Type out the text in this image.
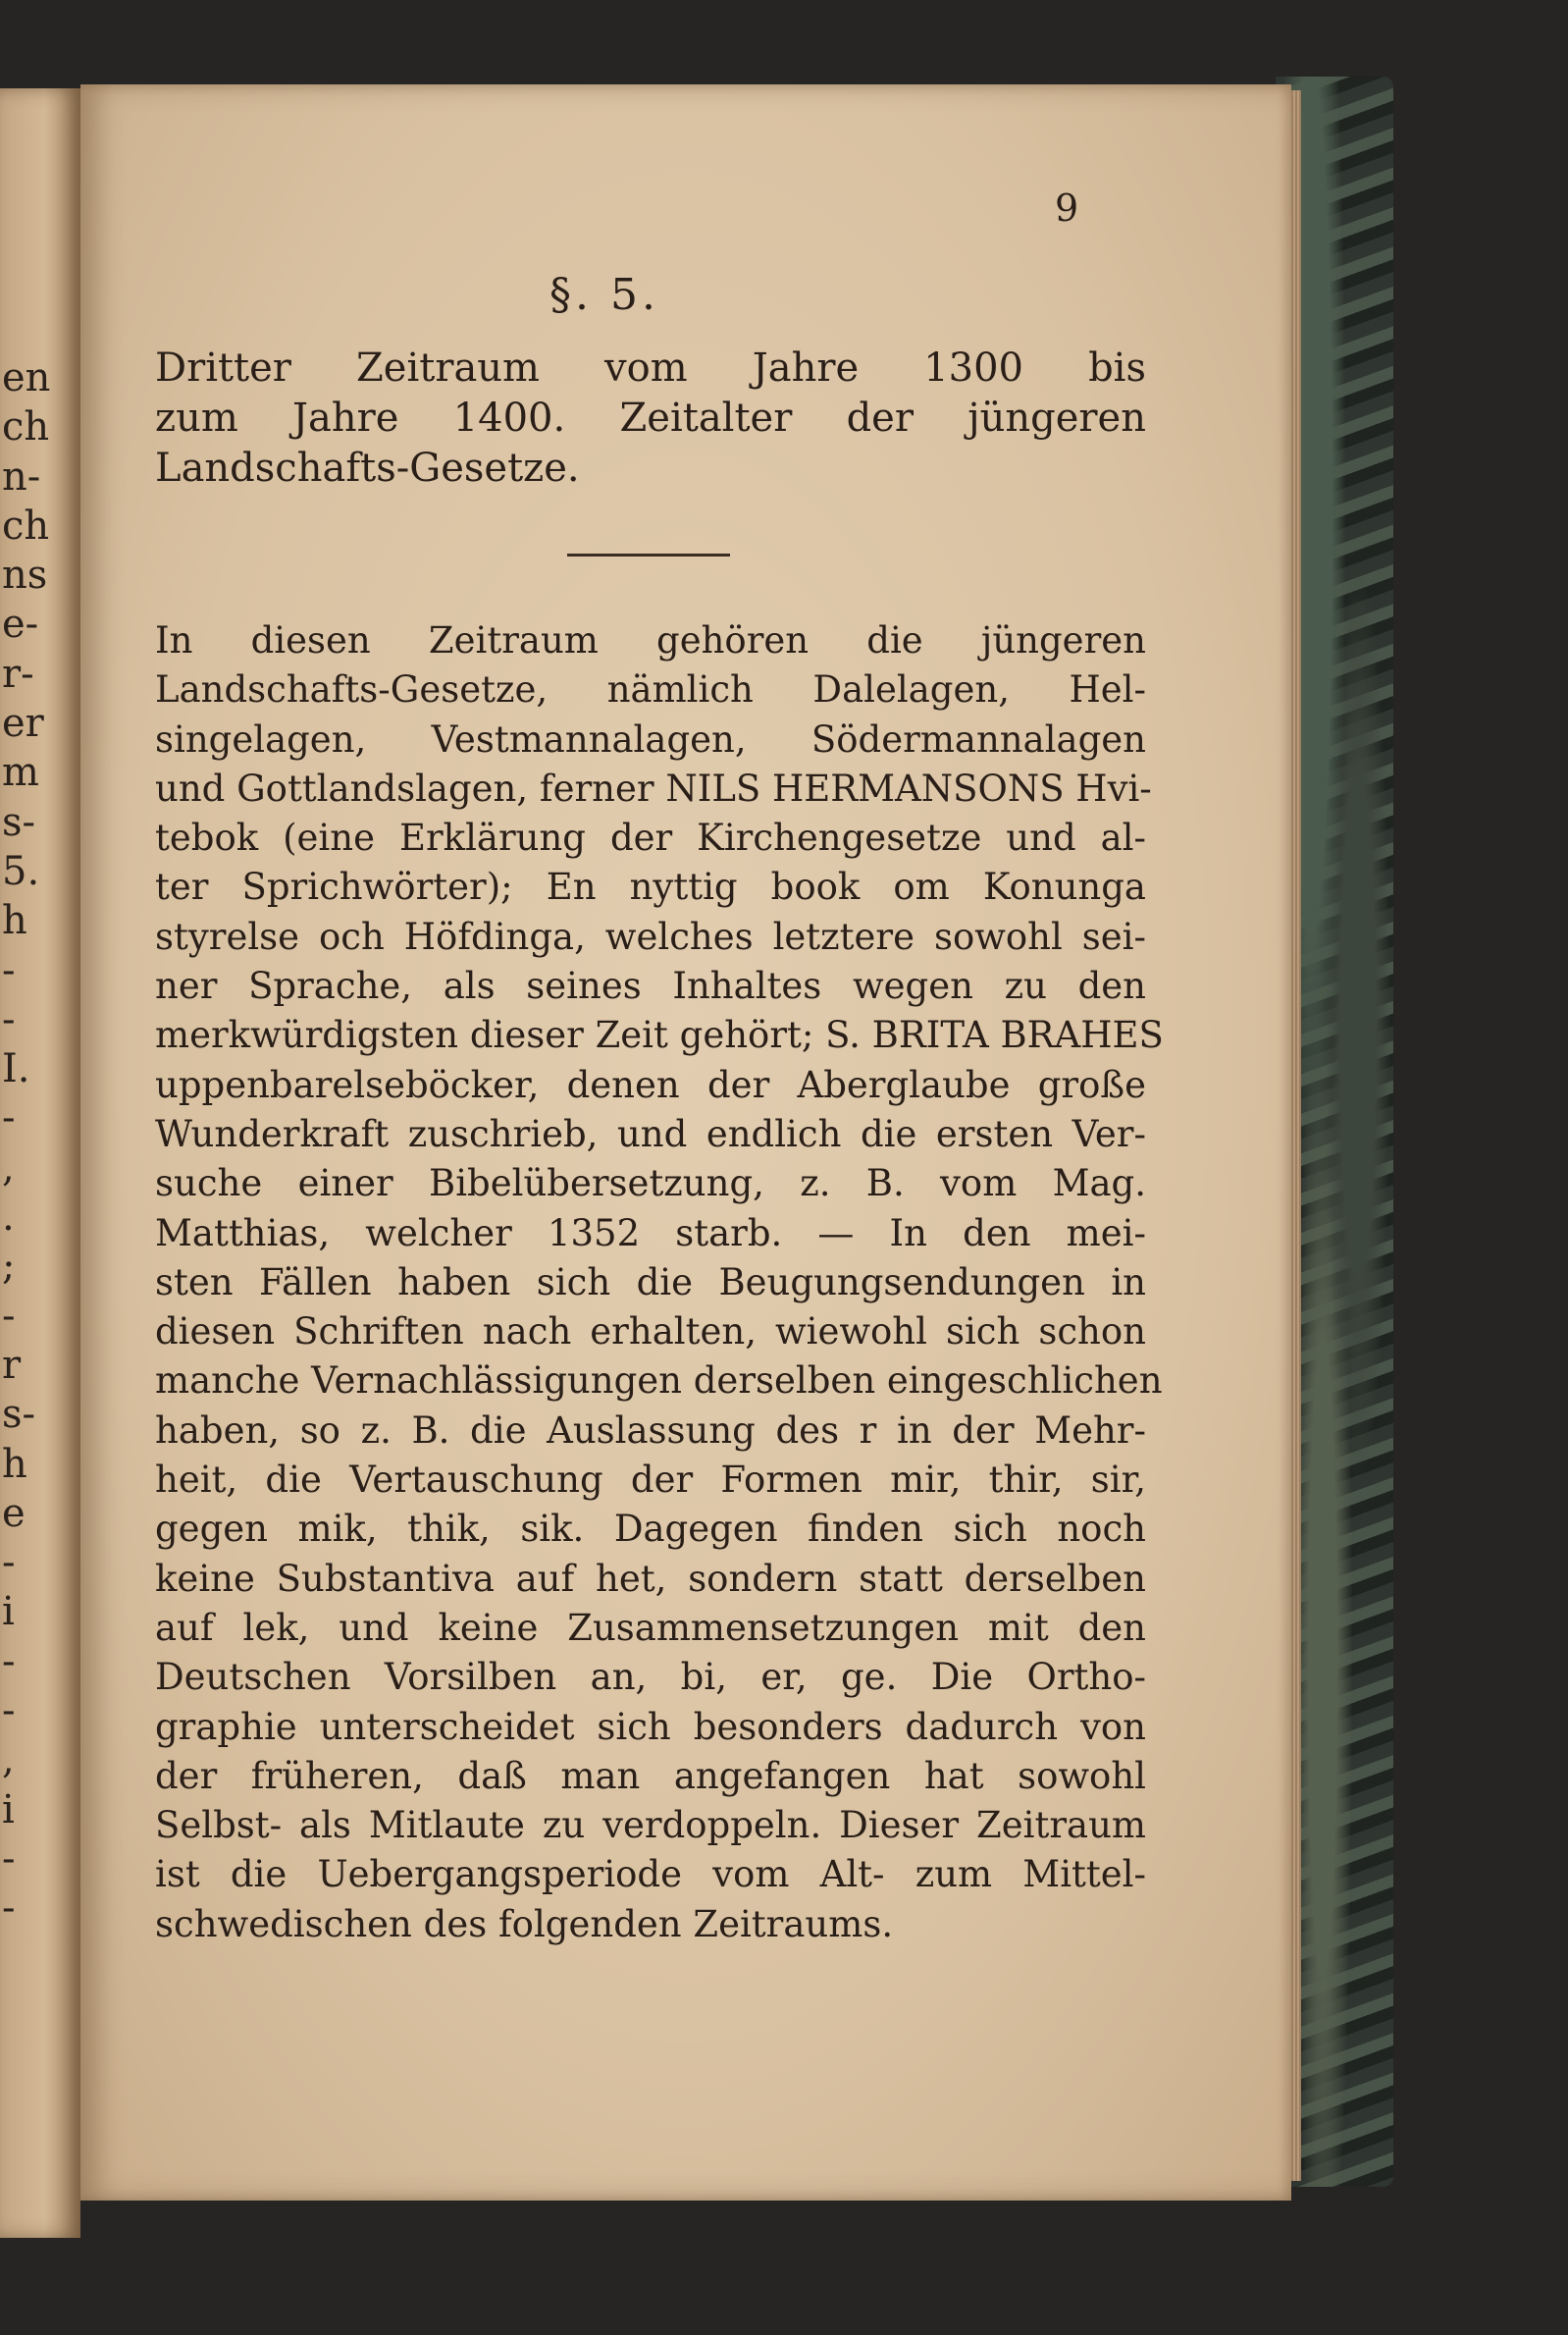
en
ch
n-
ch
ns
e-
r-
er
m
s-
5.
h
-
-
I.
-
,
.
;
-
r
s-
h
e
-
i
-
-
,
i
-
-
9
§. 5.
Dritter Zeitraum vom Jahre 1300 bis
zum Jahre 1400. Zeitalter der jüngeren
Landschafts-Gesetze.
In diesen Zeitraum gehören die jüngeren
Landschafts-Gesetze, nämlich Dalelagen, Hel-
singelagen, Vestmannalagen, Södermannalagen
und Gottlandslagen, ferner NILS HERMANSONS Hvi-
tebok (eine Erklärung der Kirchengesetze und al-
ter Sprichwörter); En nyttig book om Konunga
styrelse och Höfdinga, welches letztere sowohl sei-
ner Sprache, als seines Inhaltes wegen zu den
merkwürdigsten dieser Zeit gehört; S. BRITA BRAHES
uppenbarelseböcker, denen der Aberglaube große
Wunderkraft zuschrieb, und endlich die ersten Ver-
suche einer Bibelübersetzung, z. B. vom Mag.
Matthias, welcher 1352 starb. — In den mei-
sten Fällen haben sich die Beugungsendungen in
diesen Schriften nach erhalten, wiewohl sich schon
manche Vernachlässigungen derselben eingeschlichen
haben, so z. B. die Auslassung des r in der Mehr-
heit, die Vertauschung der Formen mir, thir, sir,
gegen mik, thik, sik. Dagegen finden sich noch
keine Substantiva auf het, sondern statt derselben
auf lek, und keine Zusammensetzungen mit den
Deutschen Vorsilben an, bi, er, ge. Die Ortho-
graphie unterscheidet sich besonders dadurch von
der früheren, daß man angefangen hat sowohl
Selbst- als Mitlaute zu verdoppeln. Dieser Zeitraum
ist die Uebergangsperiode vom Alt- zum Mittel-
schwedischen des folgenden Zeitraums.
